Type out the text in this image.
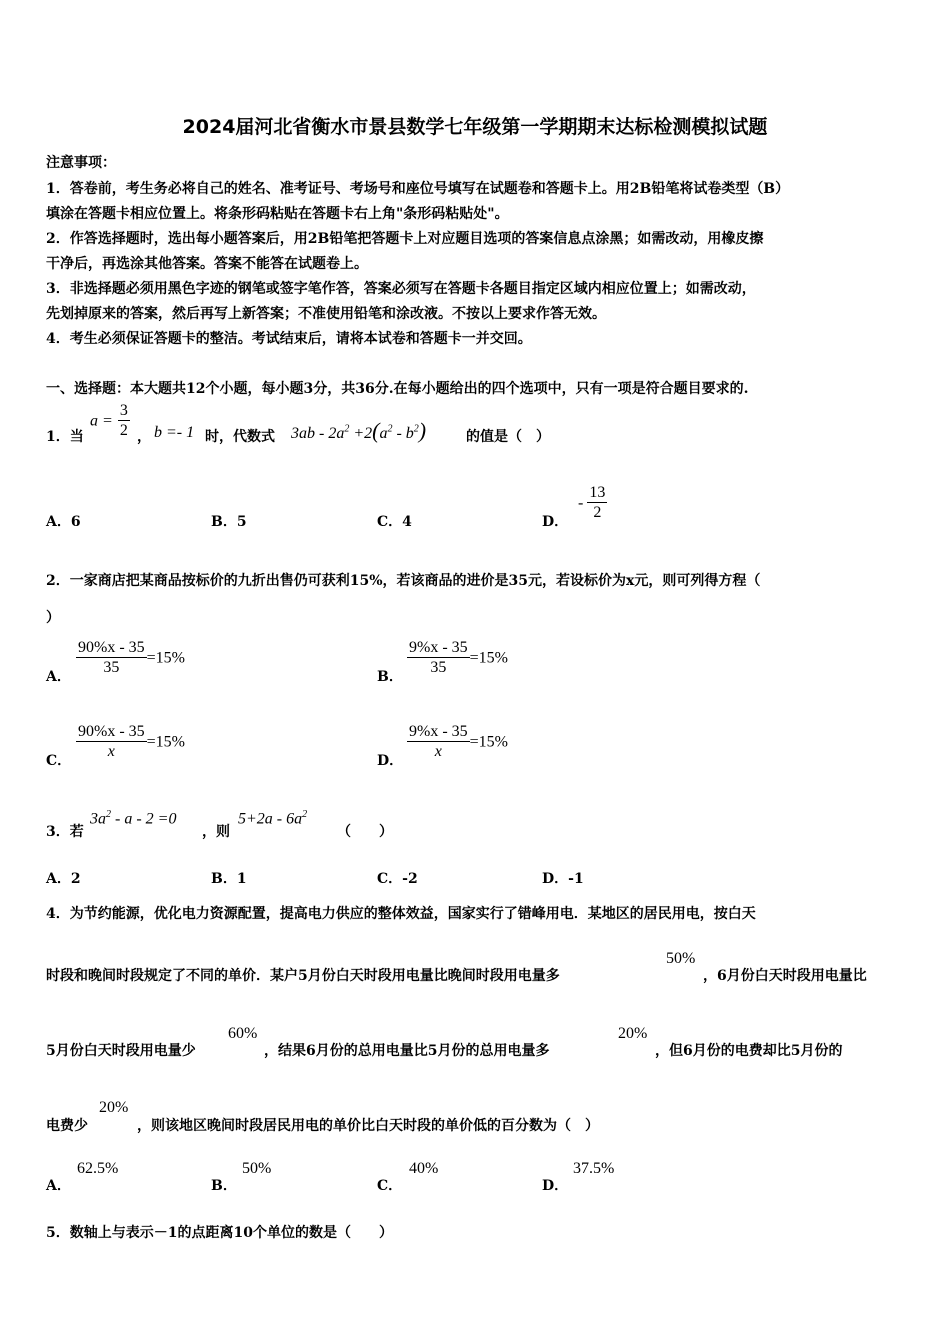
2024届河北省衡水市景县数学七年级第一学期期末达标检测模拟试题
注意事项：
1．答卷前，考生务必将自己的姓名、准考证号、考场号和座位号填写在试题卷和答题卡上。用2B铅笔将试卷类型（B）
填涂在答题卡相应位置上。将条形码粘贴在答题卡右上角"条形码粘贴处"。
2．作答选择题时，选出每小题答案后，用2B铅笔把答题卡上对应题目选项的答案信息点涂黑；如需改动，用橡皮擦
干净后，再选涂其他答案。答案不能答在试题卷上。
3．非选择题必须用黑色字迹的钢笔或签字笔作答，答案必须写在答题卡各题目指定区域内相应位置上；如需改动，
先划掉原来的答案，然后再写上新答案；不准使用铅笔和涂改液。不按以上要求作答无效。
4．考生必须保证答题卡的整洁。考试结束后，请将本试卷和答题卡一并交回。
一、选择题：本大题共12个小题，每小题3分，共36分.在每小题给出的四个选项中，只有一项是符合题目要求的.
1．当
$a = \frac{3}{2}$ ， b =- 1 时，代数式 $3ab - 2a^2 +2(a^2 - b^2)$	的值是（　）
A．6	B．5	C．4	D．
- $\frac{13}{2}$
2．一家商店把某商品按标价的九折出售仍可获利15%，若该商品的进价是35元，若设标价为x元，则可列得方程（
）
A． $\frac{90\%x - 35}{35} =15\%$
B． $\frac{9\%x - 35}{35} =15\%$
C． $\frac{90\%x - 35}{x} =15\%$
D． $\frac{9\%x - 35}{x} =15\%$
3．若
$3a^2 - a - 2 =0$
，则
$5+2a - 6a^2$
（　　）
A．2	B．1	C．-2	D．-1
4．为节约能源，优化电力资源配置，提高电力供应的整体效益，国家实行了错峰用电．某地区的居民用电，按白天
时段和晚间时段规定了不同的单价．某户5月份白天时段用电量比晚间时段用电量多
50%
，6月份白天时段用电量比
5月份白天时段用电量少
60%
，结果6月份的总用电量比5月份的总用电量多
20%
，但6月份的电费却比5月份的
电费少
20%
，则该地区晚间时段居民用电的单价比白天时段的单价低的百分数为（　）
A．
62.5%
B．
50%
C．
40%
D．
37.5%
5．数轴上与表示－1的点距离10个单位的数是（　　）
